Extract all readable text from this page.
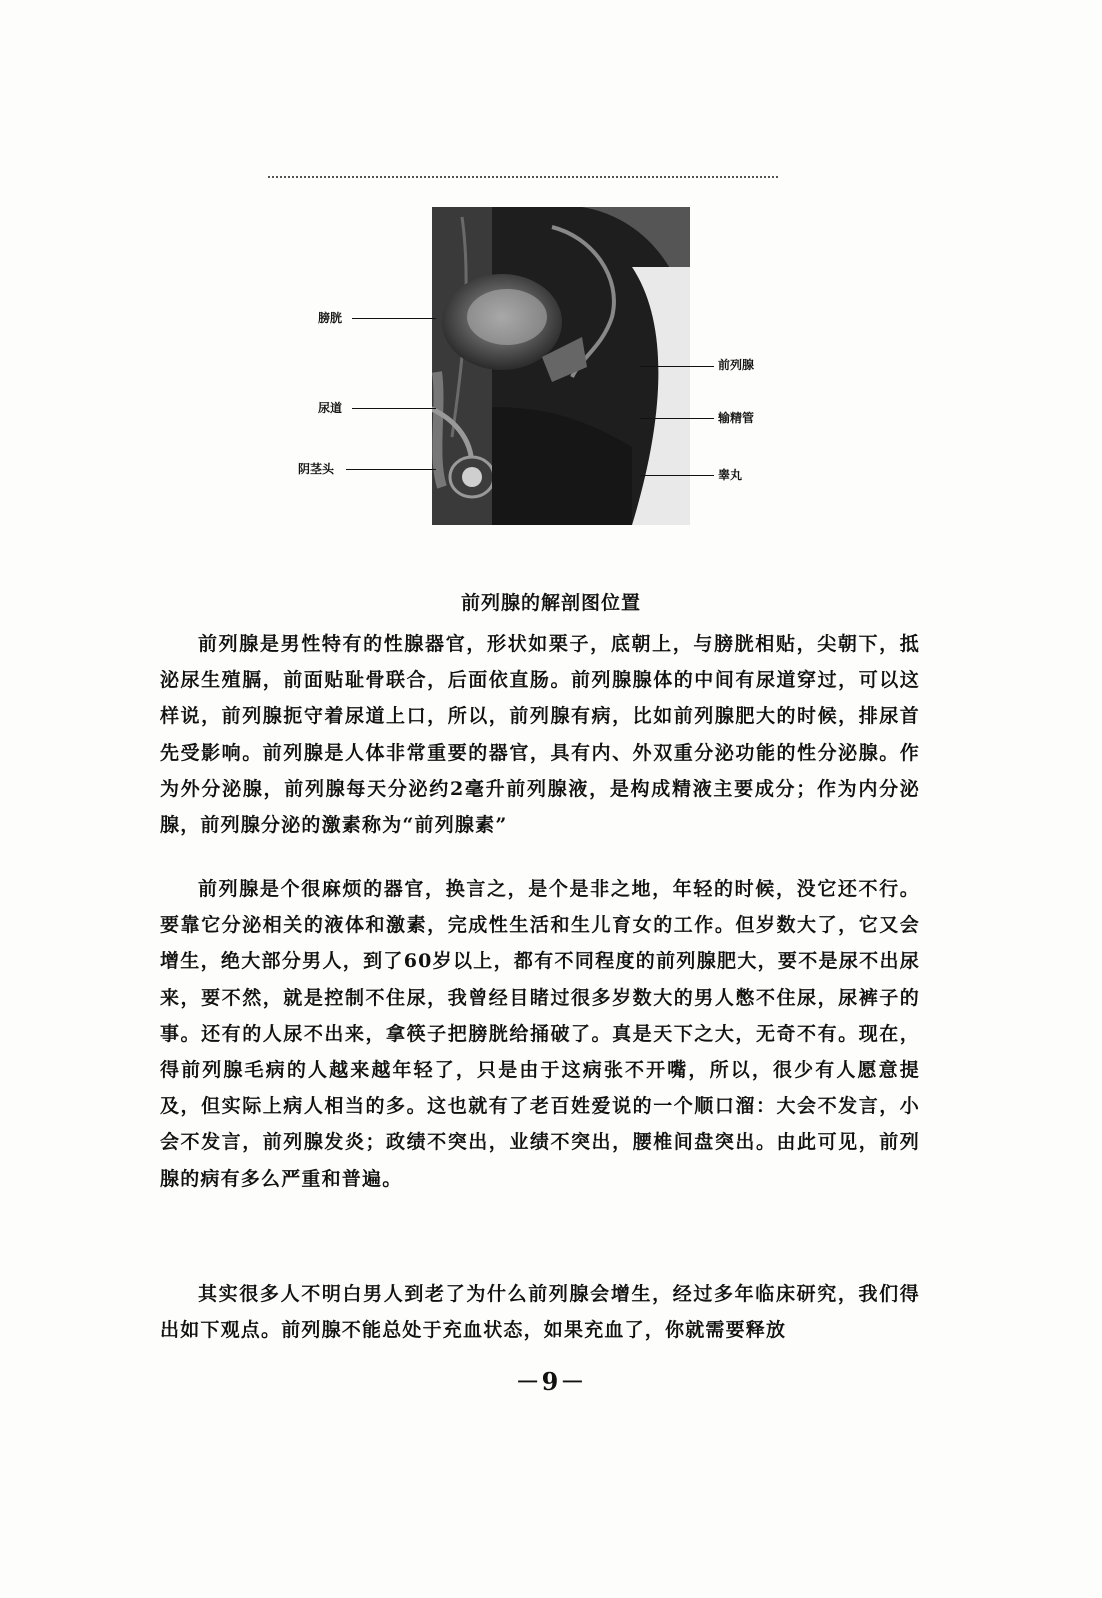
膀胱
尿道
阴茎头
前列腺
输精管
睾丸
前列腺的解剖图位置

前列腺是男性特有的性腺器官，形状如栗子，底朝上，与膀胱相贴，尖朝下，抵泌尿生殖膈，前面贴耻骨联合，后面依直肠。前列腺腺体的中间有尿道穿过，可以这样说，前列腺扼守着尿道上口，所以，前列腺有病，比如前列腺肥大的时候，排尿首先受影响。前列腺是人体非常重要的器官，具有内、外双重分泌功能的性分泌腺。作为外分泌腺，前列腺每天分泌约2毫升前列腺液，是构成精液主要成分；作为内分泌腺，前列腺分泌的激素称为“前列腺素”

前列腺是个很麻烦的器官，换言之，是个是非之地，年轻的时候，没它还不行。要靠它分泌相关的液体和激素，完成性生活和生儿育女的工作。但岁数大了，它又会增生，绝大部分男人，到了60岁以上，都有不同程度的前列腺肥大，要不是尿不出尿来，要不然，就是控制不住尿，我曾经目睹过很多岁数大的男人憋不住尿，尿裤子的事。还有的人尿不出来，拿筷子把膀胱给捅破了。真是天下之大，无奇不有。现在，得前列腺毛病的人越来越年轻了，只是由于这病张不开嘴，所以，很少有人愿意提及，但实际上病人相当的多。这也就有了老百姓爱说的一个顺口溜：大会不发言，小会不发言，前列腺发炎；政绩不突出，业绩不突出，腰椎间盘突出。由此可见，前列腺的病有多么严重和普遍。

其实很多人不明白男人到老了为什么前列腺会增生，经过多年临床研究，我们得出如下观点。前列腺不能总处于充血状态，如果充血了，你就需要释放

－9－
